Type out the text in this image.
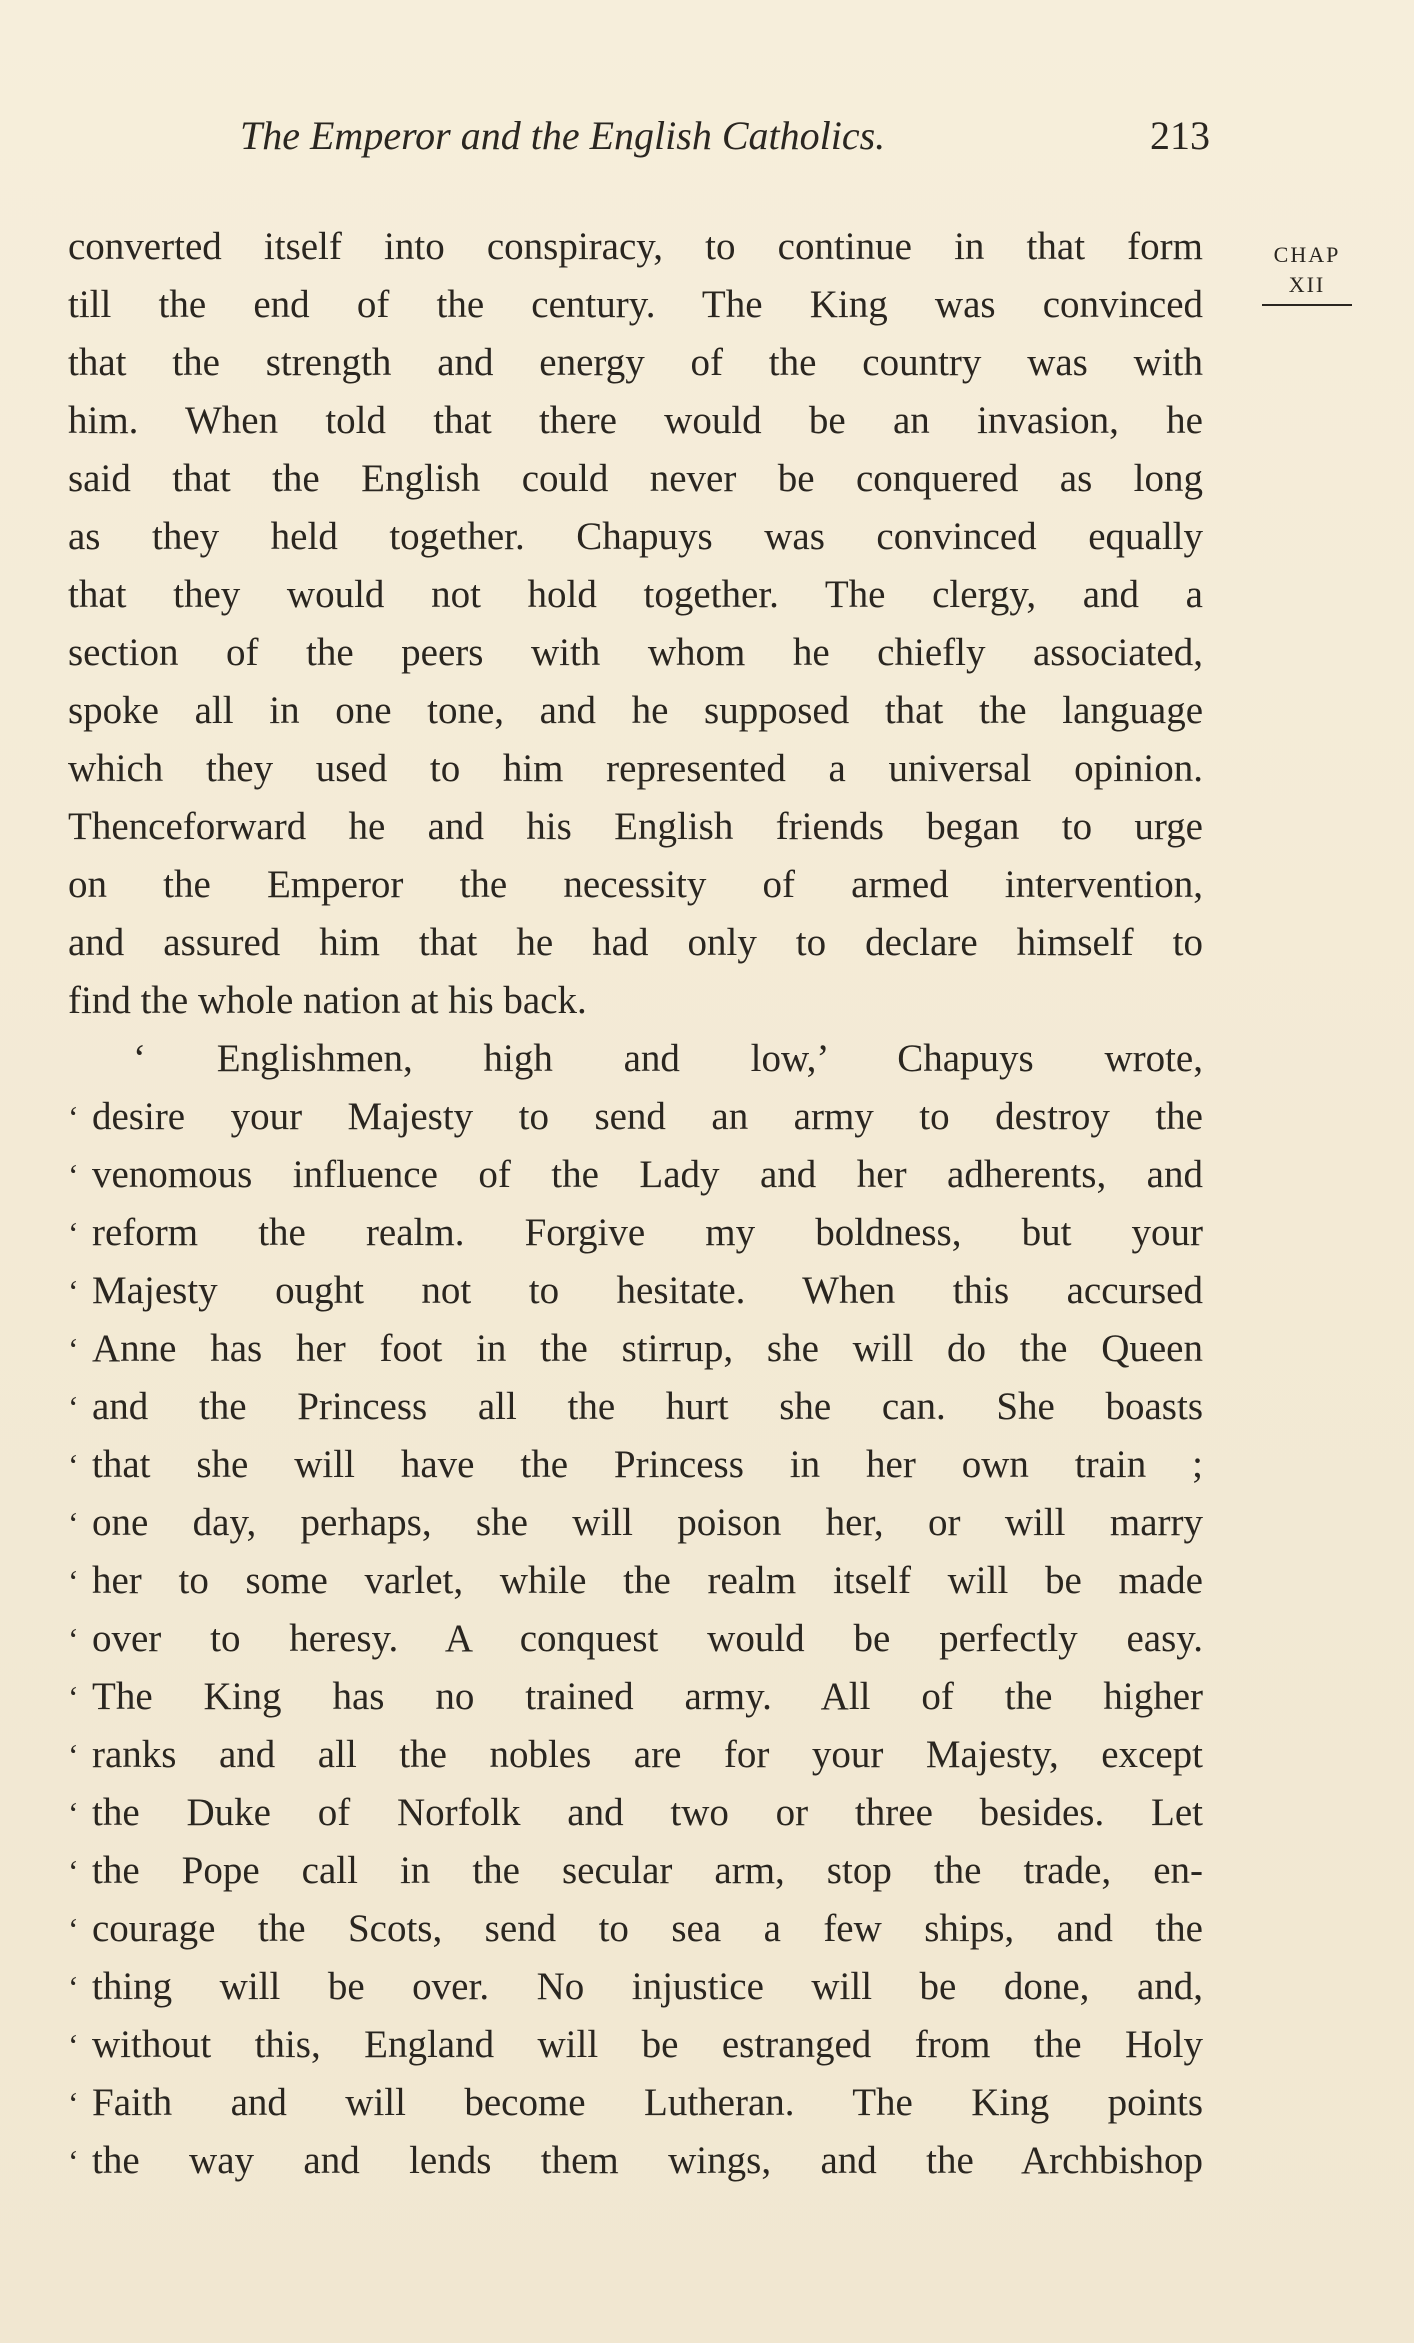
The Emperor and the English Catholics.	213
CHAP
XII
converted itself into conspiracy, to continue in that form
till the end of the century. The King was convinced
that the strength and energy of the country was with
him. When told that there would be an invasion, he
said that the English could never be conquered as long
as they held together. Chapuys was convinced equally
that they would not hold together. The clergy, and a
section of the peers with whom he chiefly associated,
spoke all in one tone, and he supposed that the language
which they used to him represented a universal opinion.
Thenceforward he and his English friends began to urge
on the Emperor the necessity of armed intervention,
and assured him that he had only to declare himself to
find the whole nation at his back.
‘ Englishmen, high and low,’ Chapuys wrote,
‘ desire your Majesty to send an army to destroy the
‘ venomous influence of the Lady and her adherents, and
‘ reform the realm. Forgive my boldness, but your
‘ Majesty ought not to hesitate. When this accursed
‘ Anne has her foot in the stirrup, she will do the Queen
‘ and the Princess all the hurt she can. She boasts
‘ that she will have the Princess in her own train ;
‘ one day, perhaps, she will poison her, or will marry
‘ her to some varlet, while the realm itself will be made
‘ over to heresy. A conquest would be perfectly easy.
‘ The King has no trained army. All of the higher
‘ ranks and all the nobles are for your Majesty, except
‘ the Duke of Norfolk and two or three besides. Let
‘ the Pope call in the secular arm, stop the trade, en-
‘ courage the Scots, send to sea a few ships, and the
‘ thing will be over. No injustice will be done, and,
‘ without this, England will be estranged from the Holy
‘ Faith and will become Lutheran. The King points
‘ the way and lends them wings, and the Archbishop
